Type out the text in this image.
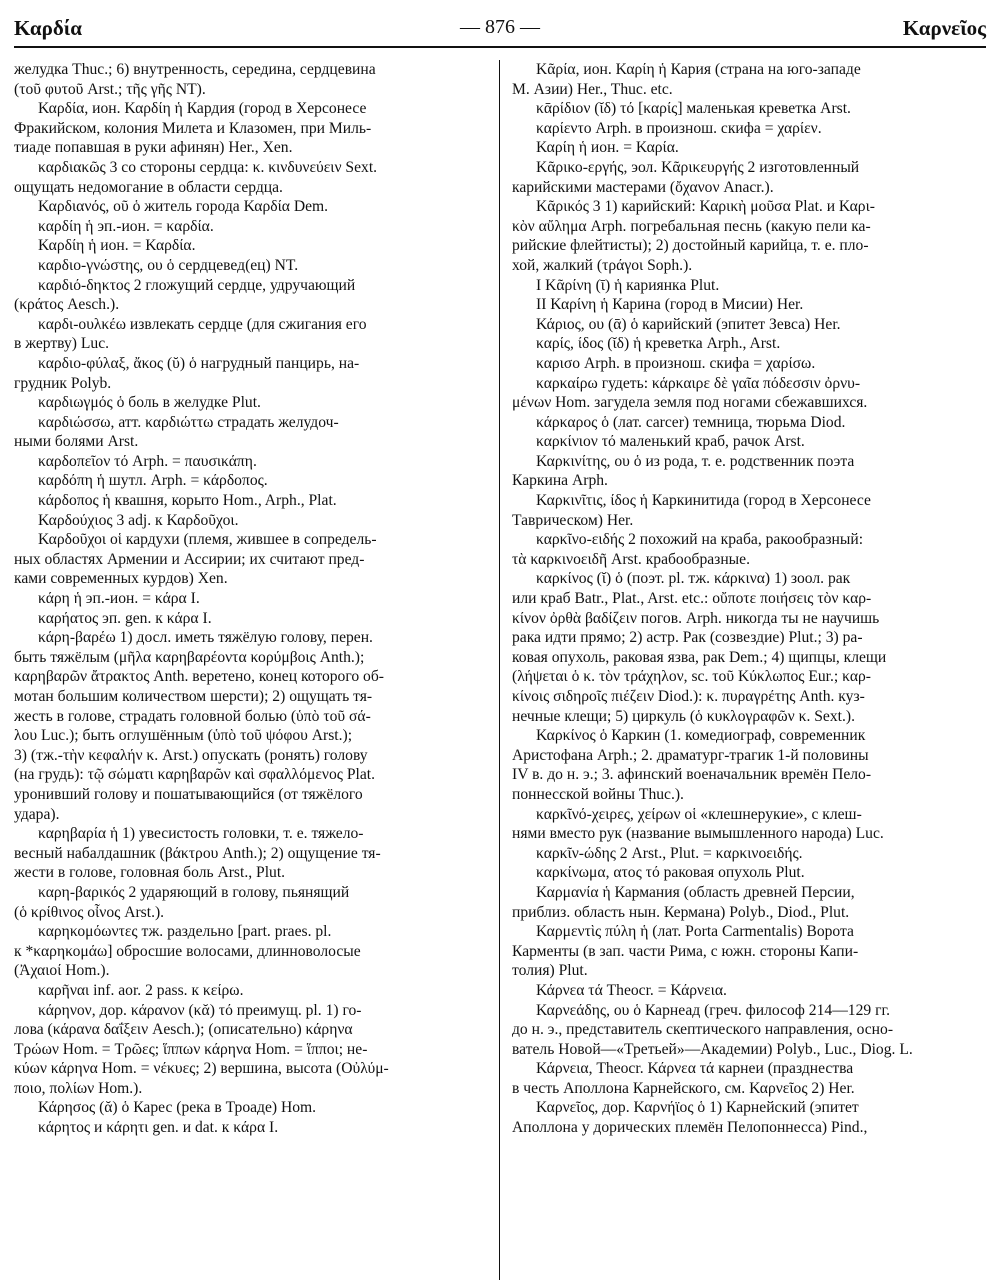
Καρδία	— 876 —	Καρνεῖος
желудка Thuc.; 6) внутренность, середина, сердцевина
(τοῦ φυτοῦ Arst.; τῆς γῆς NT).
Καρδία, ион. Καρδίη ἡ Кардия (город в Херсонесе
Фракийском, колония Милета и Клазомен, при Миль-
тиаде попавшая в руки афинян) Her., Xen.
καρδιακῶς 3 со стороны сердца: κ. κινδυνεύειν Sext.
ощущать недомогание в области сердца.
Καρδιανός, οῦ ὁ житель города Καρδία Dem.
καρδίη ἡ эп.-ион. = καρδία.
Καρδίη ἡ ион. = Καρδία.
καρδιο-γνώστης, ου ὁ сердцевед(ец) NT.
καρδιό-δηκτος 2 гложущий сердце, удручающий
(κράτος Aesch.).
καρδι-ουλκέω извлекать сердце (для сжигания его
в жертву) Luc.
καρδιο-φύλαξ, ἄκος (ῠ) ὁ нагрудный панцирь, на-
грудник Polyb.
καρδιωγμός ὁ боль в желудке Plut.
καρδιώσσω, атт. καρδιώττω страдать желудоч-
ными болями Arst.
καρδοπεῖον τό Arph. = παυσικάπη.
καρδόπη ἡ шутл. Arph. = κάρδοπος.
κάρδοπος ἡ квашня, корыто Hom., Arph., Plat.
Καρδούχιος 3 adj. к Καρδοῦχοι.
Καρδοῦχοι οἱ кардухи (племя, жившее в сопредель-
ных областях Армении и Ассирии; их считают пред-
ками современных курдов) Xen.
κάρη ἡ эп.-ион. = κάρα I.
καρήατος эп. gen. к κάρα I.
κάρη-βαρέω 1) досл. иметь тяжёлую голову, перен.
быть тяжёлым (μῆλα καρηβαρέοντα κορύμβοις Anth.);
καρηβαρῶν ἄτρακτος Anth. веретено, конец которого об-
мотан большим количеством шерсти); 2) ощущать тя-
жесть в голове, страдать головной болью (ὑπὸ τοῦ σά-
λου Luc.); быть оглушённым (ὑπὸ τοῦ ψόφου Arst.);
3) (тж.-τὴν κεφαλήν κ. Arst.) опускать (ронять) голову
(на грудь): τῷ σώματι καρηβαρῶν καὶ σφαλλόμενος Plat.
уронивший голову и пошатывающийся (от тяжёлого
удара).
καρηβαρία ἡ 1) увесистость головки, т. е. тяжело-
весный набалдашник (βάκτρου Anth.); 2) ощущение тя-
жести в голове, головная боль Arst., Plut.
καρη-βαρικός 2 ударяющий в голову, пьянящий
(ὁ κρίθινος οἶνος Arst.).
καρηκομόωντες тж. раздельно [part. praes. pl.
к *καρηκομάω] обросшие волосами, длинноволосые
(Ἀχαιοί Hom.).
καρῆναι inf. aor. 2 pass. к κείρω.
κάρηνον, дор. κάρανον (κᾰ) τό преимущ. pl. 1) го-
лова (κάρανα δαΐξειν Aesch.); (описательно) κάρηνα
Τρώων Hom. = Τρῶες; ἵππων κάρηνα Hom. = ἵπποι; не-
κύων κάρηνα Hom. = νέκυες; 2) вершина, высота (Οὐλύμ-
ποιο, πολίων Hom.).
Κάρησος (ᾰ) ὁ Карес (река в Троаде) Hom.
κάρητος и κάρητι gen. и dat. к κάρα I.
Κᾶρία, ион. Καρίη ἡ Кария (страна на юго-западе
М. Азии) Her., Thuc. etc.
κᾱρίδιον (ῐδ) τό [καρίς] маленькая креветка Arst.
καρίεντο Arph. в произнош. скифа = χαρίεν.
Καρίη ἡ ион. = Καρία.
Κᾶρικο-εργής, эол. Κᾶρικευργής 2 изготовленный
карийскими мастерами (ὄχανον Anacr.).
Κᾶρικός 3 1) карийский: Καρικὴ μοῦσα Plat. и Καρι-
κὸν αὔλημα Arph. погребальная песнь (какую пели ка-
рийские флейтисты); 2) достойный карийца, т. е. пло-
хой, жалкий (τράγοι Soph.).
I Κᾶρίνη (ῑ) ἡ кариянка Plut.
II Καρίνη ἡ Карина (город в Мисии) Her.
Κάριος, ου (ᾱ) ὁ карийский (эпитет Зевса) Her.
καρίς, ίδος (ῐδ) ἡ креветка Arph., Arst.
καρισο Arph. в произнош. скифа = χαρίσω.
καρκαίρω гудеть: κάρκαιρε δὲ γαῖα πόδεσσιν ὀρνυ-
μένων Hom. загудела земля под ногами сбежавшихся.
κάρκαρος ὁ (лат. carcer) темница, тюрьма Diod.
καρκίνιον τό маленький краб, рачок Arst.
Καρκινίτης, ου ὁ из рода, т. е. родственник поэта
Каркина Arph.
Καρκινῖτις, ίδος ἡ Каркинитида (город в Херсонесе
Таврическом) Her.
καρκῖνο-ειδής 2 похожий на краба, ракообразный:
τὰ καρκινοειδῆ Arst. крабообразные.
καρκίνος (ῐ) ὁ (поэт. pl. тж. κάρκινα) 1) зоол. рак
или краб Batr., Plat., Arst. etc.: οὔποτε ποιήσεις τὸν καρ-
κίνον ὀρθὰ βαδίζειν погов. Arph. никогда ты не научишь
рака идти прямо; 2) астр. Рак (созвездие) Plut.; 3) ра-
ковая опухоль, раковая язва, рак Dem.; 4) щипцы, клещи
(λήψεται ὁ κ. τὸν τράχηλον, sc. τοῦ Κύκλωπος Eur.; καρ-
κίνοις σιδηροῖς πιέζειν Diod.): κ. πυραγρέτης Anth. куз-
нечные клещи; 5) циркуль (ὁ κυκλογραφῶν κ. Sext.).
Καρκίνος ὁ Каркин (1. комедиограф, современник
Аристофана Arph.; 2. драматург-трагик 1-й половины
IV в. до н. э.; 3. афинский военачальник времён Пело-
поннесской войны Thuc.).
καρκῖνό-χειρες, χείρων οἱ «клешнерукие», с клеш-
нями вместо рук (название вымышленного народа) Luc.
καρκῖν-ώδης 2 Arst., Plut. = καρκινοειδής.
καρκίνωμα, ατος τό раковая опухоль Plut.
Καρμανία ἡ Кармания (область древней Персии,
приблиз. область нын. Кермана) Polyb., Diod., Plut.
Καρμεντὶς πύλη ἡ (лат. Porta Carmentalis) Ворота
Карменты (в зап. части Рима, с южн. стороны Капи-
толия) Plut.
Κάρνεα τά Theocr. = Κάρνεια.
Καρνεάδης, ου ὁ Карнеад (греч. философ 214—129 гг.
до н. э., представитель скептического направления, осно-
ватель Новой—«Третьей»—Академии) Polyb., Luc., Diog. L.
Κάρνεια, Theocr. Κάρνεα τά карнеи (празднества
в честь Аполлона Карнейского, см. Καρνεῖος 2) Her.
Καρνεῖος, дор. Καρνήϊος ὁ 1) Карнейский (эпитет
Аполлона у дорических племён Пелопоннесса) Pind.,
